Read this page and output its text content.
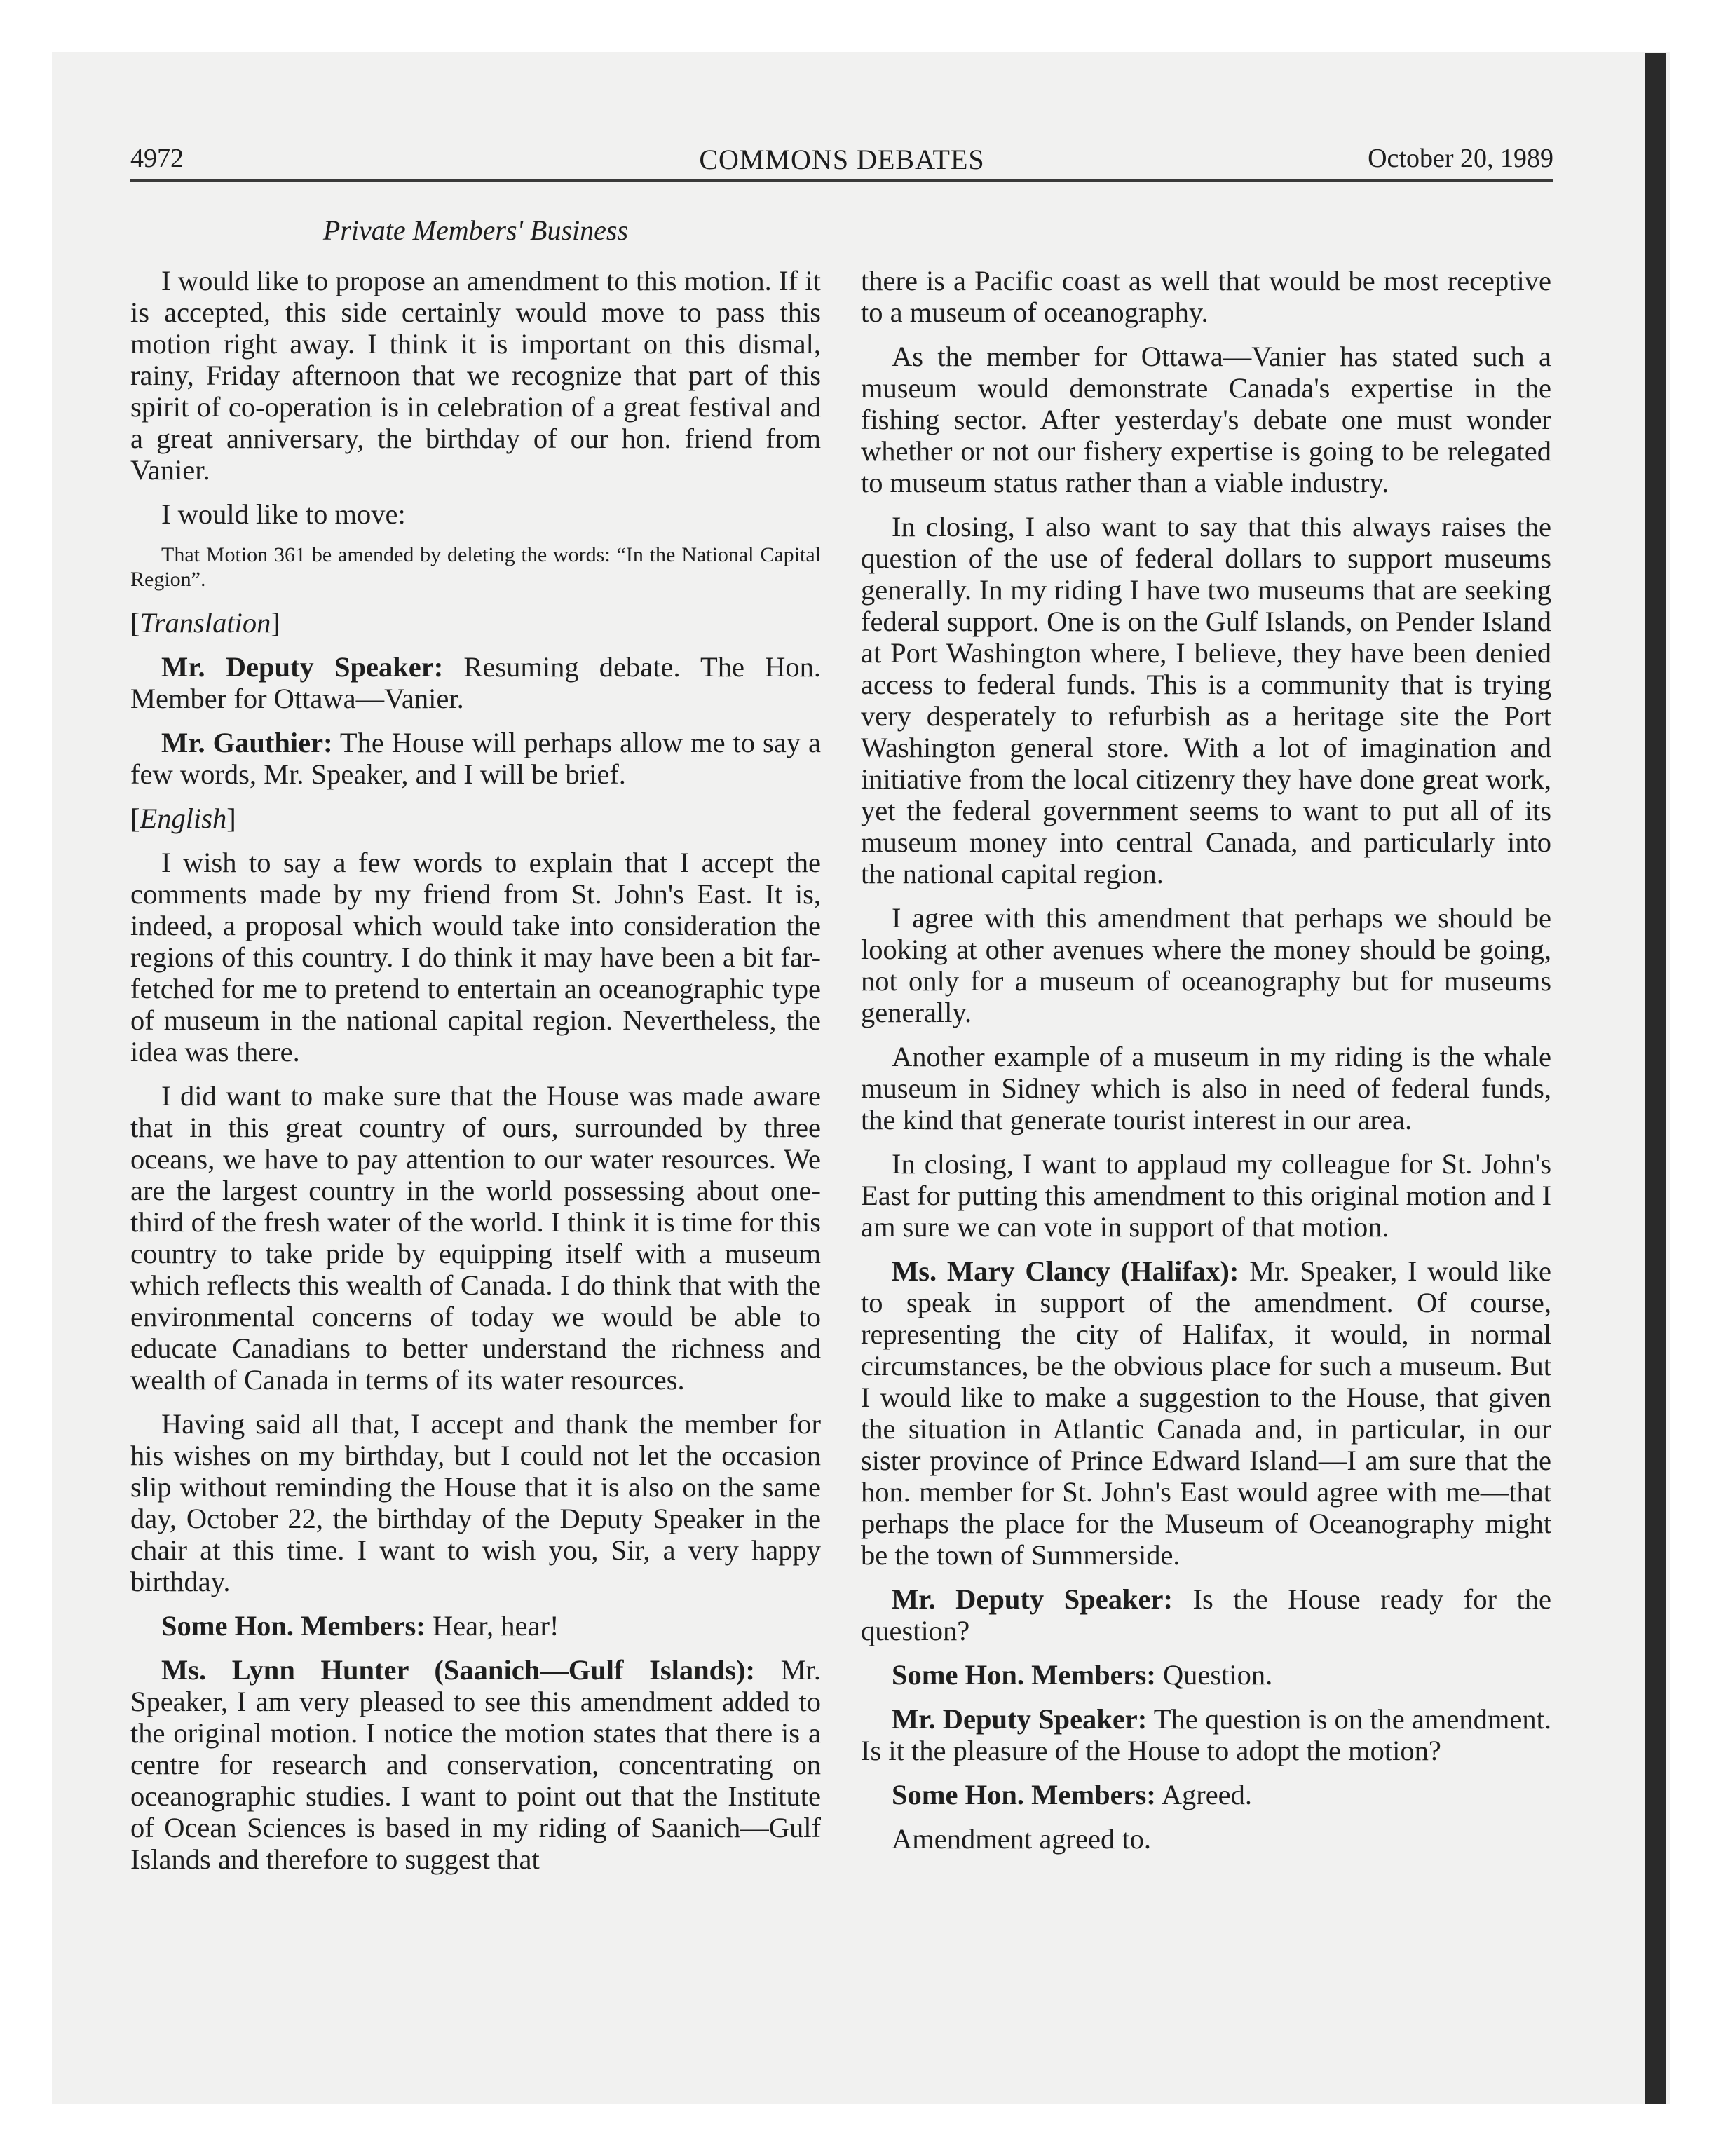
4972	COMMONS DEBATES	October 20, 1989
Private Members' Business

I would like to propose an amendment to this motion. If it is accepted, this side certainly would move to pass this motion right away. I think it is important on this dismal, rainy, Friday afternoon that we recognize that part of this spirit of co-operation is in celebration of a great festival and a great anniversary, the birthday of our hon. friend from Vanier.

I would like to move:

That Motion 361 be amended by deleting the words: “In the National Capital Region”.

[Translation]

Mr. Deputy Speaker: Resuming debate. The Hon. Member for Ottawa—Vanier.

Mr. Gauthier: The House will perhaps allow me to say a few words, Mr. Speaker, and I will be brief.

[English]

I wish to say a few words to explain that I accept the comments made by my friend from St. John's East. It is, indeed, a proposal which would take into consideration the regions of this country. I do think it may have been a bit far-fetched for me to pretend to entertain an oceanographic type of museum in the national capital region. Nevertheless, the idea was there.

I did want to make sure that the House was made aware that in this great country of ours, surrounded by three oceans, we have to pay attention to our water resources. We are the largest country in the world possessing about one-third of the fresh water of the world. I think it is time for this country to take pride by equipping itself with a museum which reflects this wealth of Canada. I do think that with the environmental concerns of today we would be able to educate Canadians to better understand the richness and wealth of Canada in terms of its water resources.

Having said all that, I accept and thank the member for his wishes on my birthday, but I could not let the occasion slip without reminding the House that it is also on the same day, October 22, the birthday of the Deputy Speaker in the chair at this time. I want to wish you, Sir, a very happy birthday.

Some Hon. Members: Hear, hear!

Ms. Lynn Hunter (Saanich—Gulf Islands): Mr. Speaker, I am very pleased to see this amendment added to the original motion. I notice the motion states that there is a centre for research and conservation, concentrating on oceanographic studies. I want to point out that the Institute of Ocean Sciences is based in my riding of Saanich—Gulf Islands and therefore to suggest that

there is a Pacific coast as well that would be most receptive to a museum of oceanography.

As the member for Ottawa—Vanier has stated such a museum would demonstrate Canada's expertise in the fishing sector. After yesterday's debate one must wonder whether or not our fishery expertise is going to be relegated to museum status rather than a viable industry.

In closing, I also want to say that this always raises the question of the use of federal dollars to support museums generally. In my riding I have two museums that are seeking federal support. One is on the Gulf Islands, on Pender Island at Port Washington where, I believe, they have been denied access to federal funds. This is a community that is trying very desperately to refurbish as a heritage site the Port Washington general store. With a lot of imagination and initiative from the local citizenry they have done great work, yet the federal government seems to want to put all of its museum money into central Canada, and particularly into the national capital region.

I agree with this amendment that perhaps we should be looking at other avenues where the money should be going, not only for a museum of oceanography but for museums generally.

Another example of a museum in my riding is the whale museum in Sidney which is also in need of federal funds, the kind that generate tourist interest in our area.

In closing, I want to applaud my colleague for St. John's East for putting this amendment to this original motion and I am sure we can vote in support of that motion.

Ms. Mary Clancy (Halifax): Mr. Speaker, I would like to speak in support of the amendment. Of course, representing the city of Halifax, it would, in normal circumstances, be the obvious place for such a museum. But I would like to make a suggestion to the House, that given the situation in Atlantic Canada and, in particular, in our sister province of Prince Edward Island—I am sure that the hon. member for St. John's East would agree with me—that perhaps the place for the Museum of Oceanography might be the town of Summerside.

Mr. Deputy Speaker: Is the House ready for the question?

Some Hon. Members: Question.

Mr. Deputy Speaker: The question is on the amendment. Is it the pleasure of the House to adopt the motion?

Some Hon. Members: Agreed.

Amendment agreed to.
